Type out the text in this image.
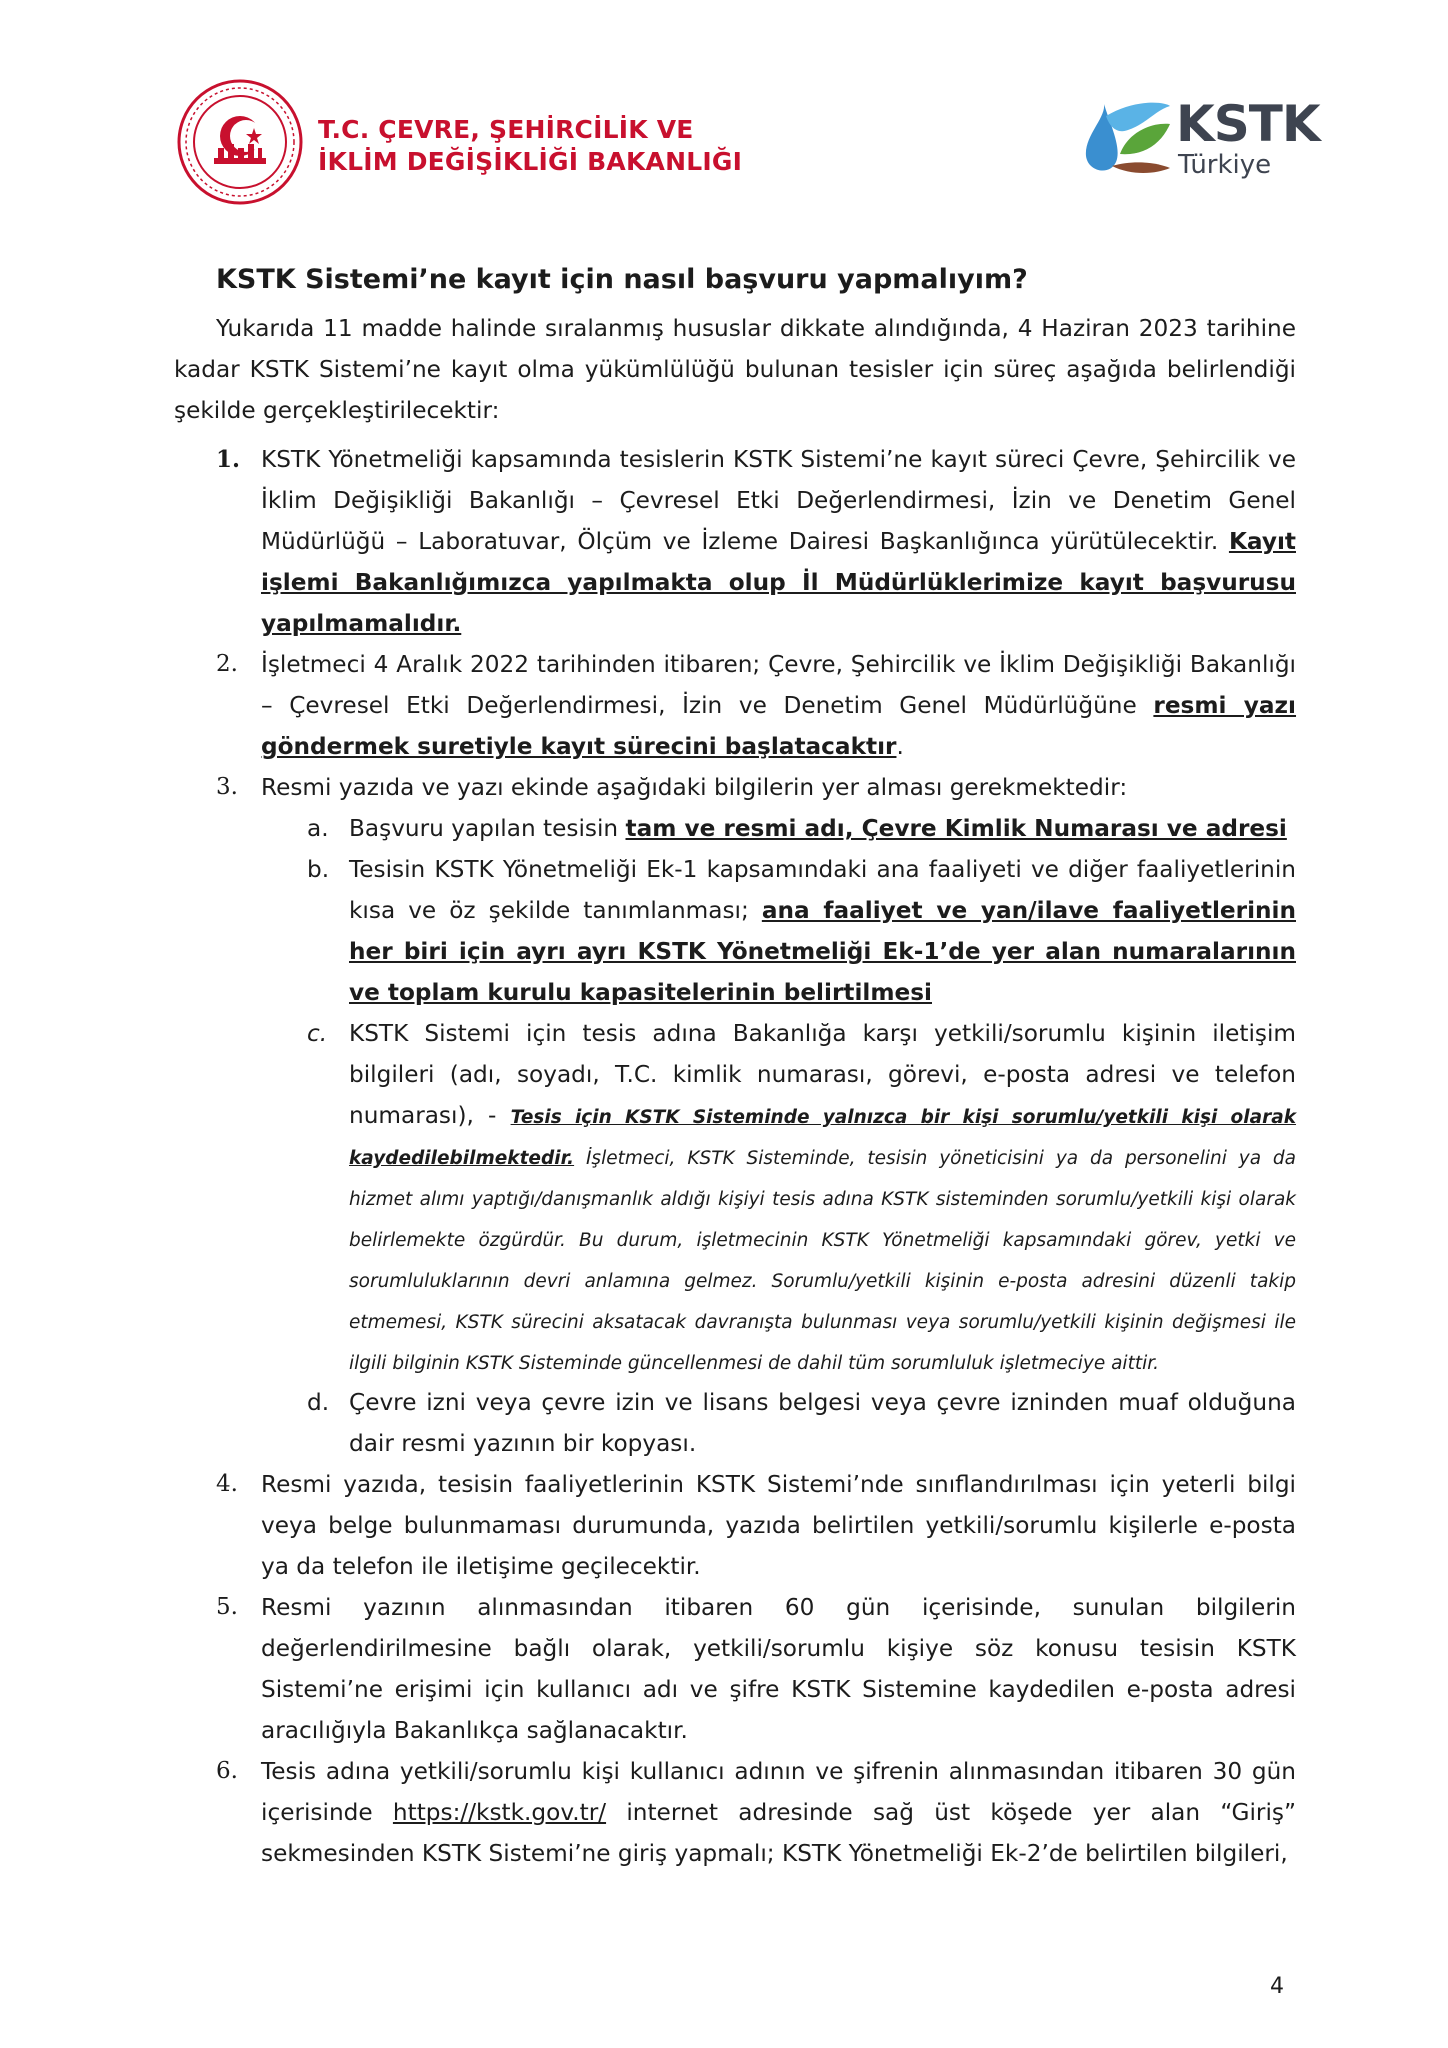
T.C. ÇEVRE, ŞEHİRCİLİK VE
İKLİM DEĞİŞİKLİĞİ BAKANLIĞI
KSTK
Türkiye
KSTK Sistemi’ne kayıt için nasıl başvuru yapmalıyım?

Yukarıda 11 madde halinde sıralanmış hususlar dikkate alındığında, 4 Haziran 2023 tarihine kadar KSTK Sistemi’ne kayıt olma yükümlülüğü bulunan tesisler için süreç aşağıda belirlendiği şekilde gerçekleştirilecektir:

1. KSTK Yönetmeliği kapsamında tesislerin KSTK Sistemi’ne kayıt süreci Çevre, Şehircilik ve İklim Değişikliği Bakanlığı – Çevresel Etki Değerlendirmesi, İzin ve Denetim Genel Müdürlüğü – Laboratuvar, Ölçüm ve İzleme Dairesi Başkanlığınca yürütülecektir. Kayıt işlemi Bakanlığımızca yapılmakta olup İl Müdürlüklerimize kayıt başvurusu yapılmamalıdır.
2. İşletmeci 4 Aralık 2022 tarihinden itibaren; Çevre, Şehircilik ve İklim Değişikliği Bakanlığı – Çevresel Etki Değerlendirmesi, İzin ve Denetim Genel Müdürlüğüne resmi yazı göndermek suretiyle kayıt sürecini başlatacaktır.
3. Resmi yazıda ve yazı ekinde aşağıdaki bilgilerin yer alması gerekmektedir:
a. Başvuru yapılan tesisin tam ve resmi adı, Çevre Kimlik Numarası ve adresi
b. Tesisin KSTK Yönetmeliği Ek-1 kapsamındaki ana faaliyeti ve diğer faaliyetlerinin kısa ve öz şekilde tanımlanması; ana faaliyet ve yan/ilave faaliyetlerinin her biri için ayrı ayrı KSTK Yönetmeliği Ek-1’de yer alan numaralarının ve toplam kurulu kapasitelerinin belirtilmesi
c. KSTK Sistemi için tesis adına Bakanlığa karşı yetkili/sorumlu kişinin iletişim bilgileri (adı, soyadı, T.C. kimlik numarası, görevi, e-posta adresi ve telefon numarası), - Tesis için KSTK Sisteminde yalnızca bir kişi sorumlu/yetkili kişi olarak kaydedilebilmektedir. İşletmeci, KSTK Sisteminde, tesisin yöneticisini ya da personelini ya da hizmet alımı yaptığı/danışmanlık aldığı kişiyi tesis adına KSTK sisteminden sorumlu/yetkili kişi olarak belirlemekte özgürdür. Bu durum, işletmecinin KSTK Yönetmeliği kapsamındaki görev, yetki ve sorumluluklarının devri anlamına gelmez. Sorumlu/yetkili kişinin e-posta adresini düzenli takip etmemesi, KSTK sürecini aksatacak davranışta bulunması veya sorumlu/yetkili kişinin değişmesi ile ilgili bilginin KSTK Sisteminde güncellenmesi de dahil tüm sorumluluk işletmeciye aittir.
d. Çevre izni veya çevre izin ve lisans belgesi veya çevre izninden muaf olduğuna dair resmi yazının bir kopyası.
4. Resmi yazıda, tesisin faaliyetlerinin KSTK Sistemi’nde sınıflandırılması için yeterli bilgi veya belge bulunmaması durumunda, yazıda belirtilen yetkili/sorumlu kişilerle e-posta ya da telefon ile iletişime geçilecektir.
5. Resmi yazının alınmasından itibaren 60 gün içerisinde, sunulan bilgilerin değerlendirilmesine bağlı olarak, yetkili/sorumlu kişiye söz konusu tesisin KSTK Sistemi’ne erişimi için kullanıcı adı ve şifre KSTK Sistemine kaydedilen e-posta adresi aracılığıyla Bakanlıkça sağlanacaktır.
6. Tesis adına yetkili/sorumlu kişi kullanıcı adının ve şifrenin alınmasından itibaren 30 gün içerisinde https://kstk.gov.tr/ internet adresinde sağ üst köşede yer alan “Giriş” sekmesinden KSTK Sistemi’ne giriş yapmalı; KSTK Yönetmeliği Ek-2’de belirtilen bilgileri,
4
